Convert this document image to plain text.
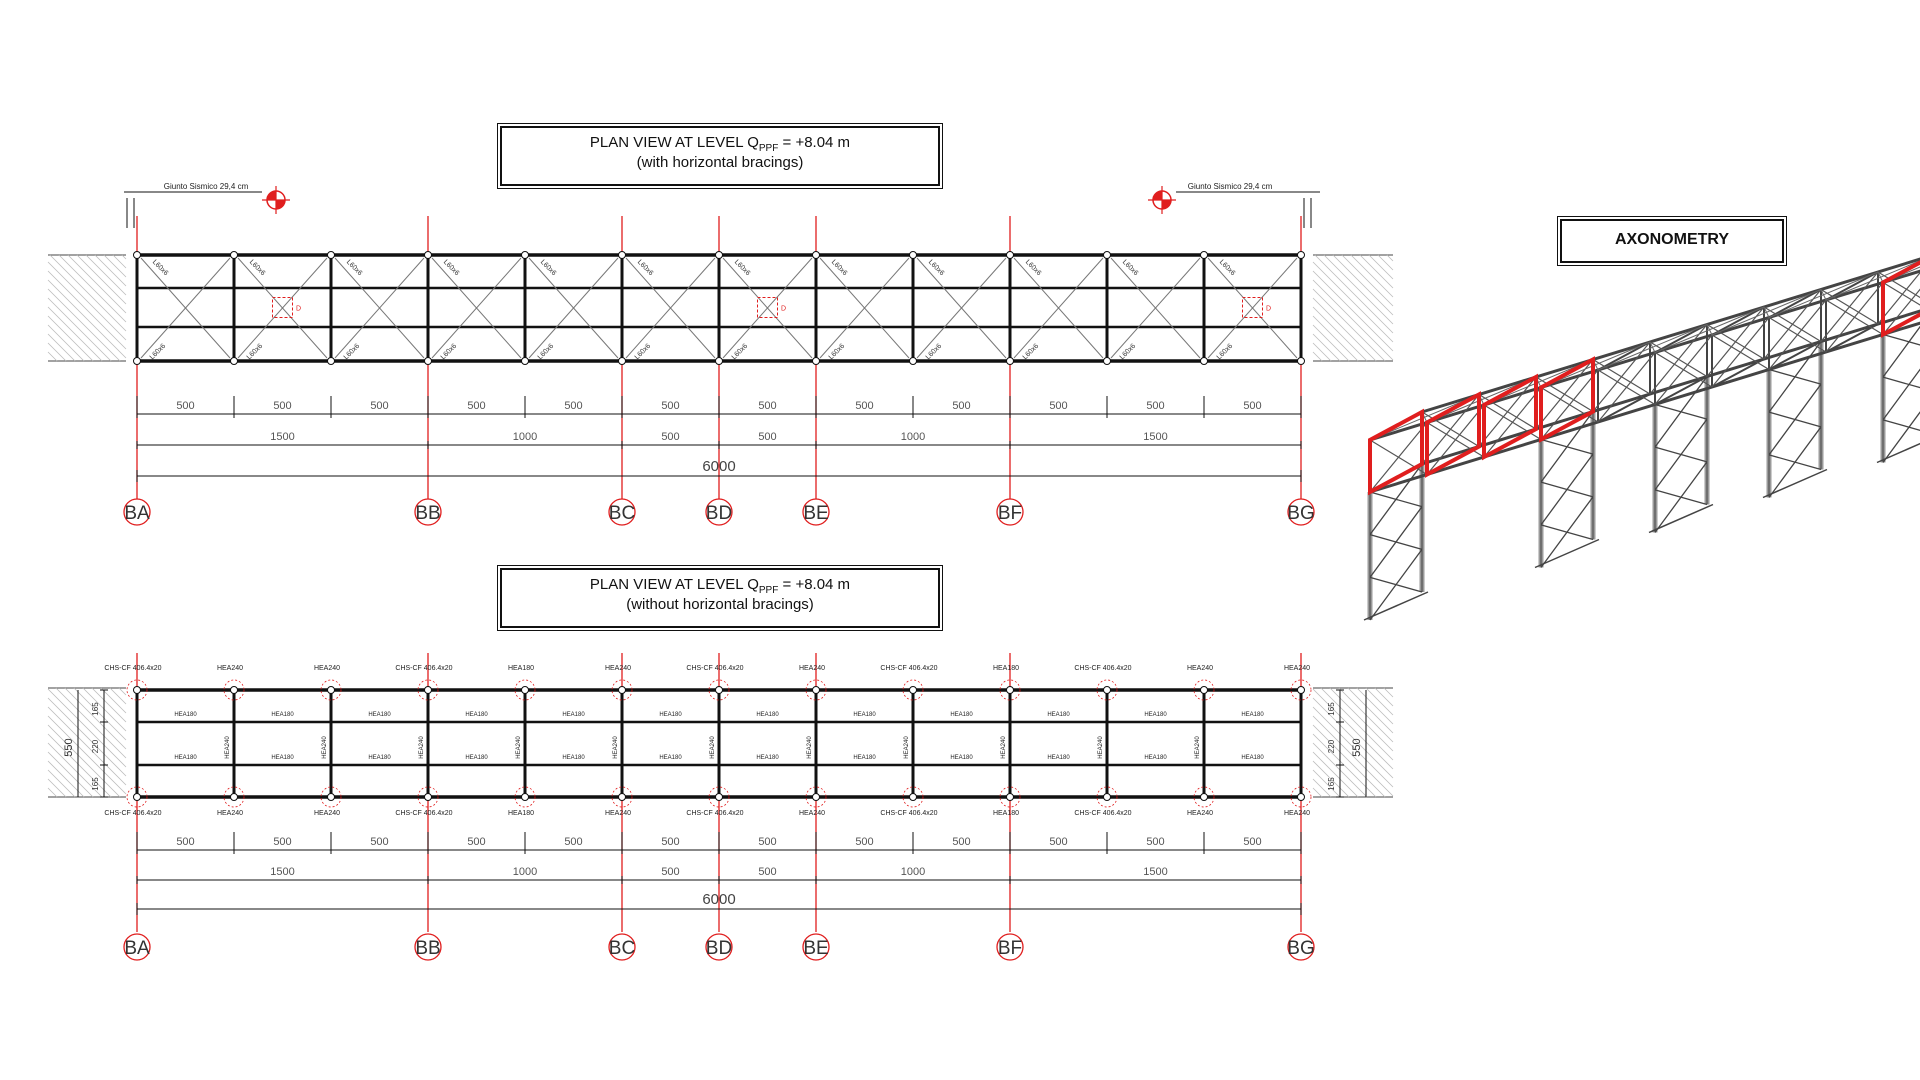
BA	BB	BC	BD	BE	BF	BG
BA	BB	BC	BD	BE	BF	BG
L60x6
L60x6
L60x6
L60x6
L60x6
L60x6
L60x6
L60x6
L60x6
L60x6
L60x6
L60x6
L60x6
L60x6
L60x6
L60x6
L60x6
L60x6
L60x6
L60x6
L60x6
L60x6
L60x6
L60x6
D	D	D
Giunto Sismico 29,4 cm	Giunto Sismico 29,4 cm
HEA240	HEA240	HEA240	HEA240	HEA240	HEA240	HEA240	HEA240	HEA240	HEA240	HEA240
HEA180
HEA180
HEA180
HEA180
HEA180
HEA180
HEA180
HEA180
HEA180
HEA180
HEA180
HEA180
HEA180
HEA180
HEA180
HEA180
HEA180
HEA180
HEA180
HEA180
HEA180
HEA180
HEA180
HEA180
CHS-CF 406.4x20
CHS-CF 406.4x20
HEA240
HEA240
HEA240
HEA240
CHS-CF 406.4x20
CHS-CF 406.4x20
HEA180
HEA180
HEA240
HEA240
CHS-CF 406.4x20
CHS-CF 406.4x20
HEA240
HEA240
CHS-CF 406.4x20
CHS-CF 406.4x20
HEA180
HEA180
CHS-CF 406.4x20
CHS-CF 406.4x20
HEA240
HEA240
HEA240
HEA240
165
220
165
550
165
220
165
550
500	500	500	500	500	500	500	500	500	500	500	500
1500	1000	500	500	1000	1500
6000
500	500	500	500	500	500	500	500	500	500	500	500
1500	1000	500	500	1000	1500
6000
PLAN VIEW AT LEVEL $Q_{PPF} = +8.04$ m
(with horizontal bracings)
PLAN VIEW AT LEVEL $Q_{PPF} = +8.04$ m
(without horizontal bracings)
AXONOMETRY
